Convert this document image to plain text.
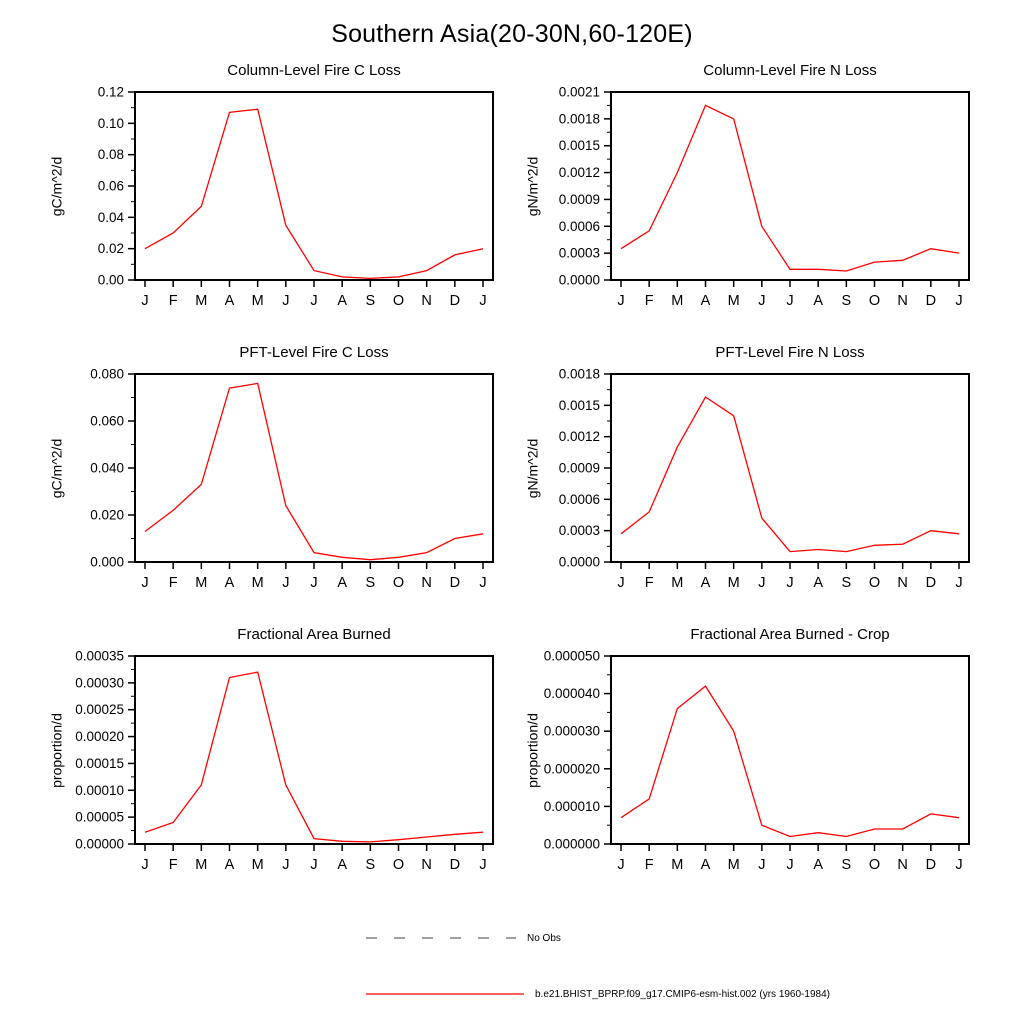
Southern Asia(20-30N,60-120E)
Column-Level Fire C Loss
gC/m^2/d
0.00
0.02
0.04
0.06
0.08
0.10
0.12
J F M A M J J A S O N D J
Column-Level Fire N Loss
gN/m^2/d
0.0000
0.0003
0.0006
0.0009
0.0012
0.0015
0.0018
0.0021
J F M A M J J A S O N D J
PFT-Level Fire C Loss
gC/m^2/d
0.000
0.020
0.040
0.060
0.080
J F M A M J J A S O N D J
PFT-Level Fire N Loss
gN/m^2/d
0.0000
0.0003
0.0006
0.0009
0.0012
0.0015
0.0018
J F M A M J J A S O N D J
Fractional Area Burned
proportion/d
0.00000
0.00005
0.00010
0.00015
0.00020
0.00025
0.00030
0.00035
J F M A M J J A S O N D J
Fractional Area Burned - Crop
proportion/d
0.000000
0.000010
0.000020
0.000030
0.000040
0.000050
J F M A M J J A S O N D J
No Obs
b.e21.BHIST_BPRP.f09_g17.CMIP6-esm-hist.002 (yrs 1960-1984)
